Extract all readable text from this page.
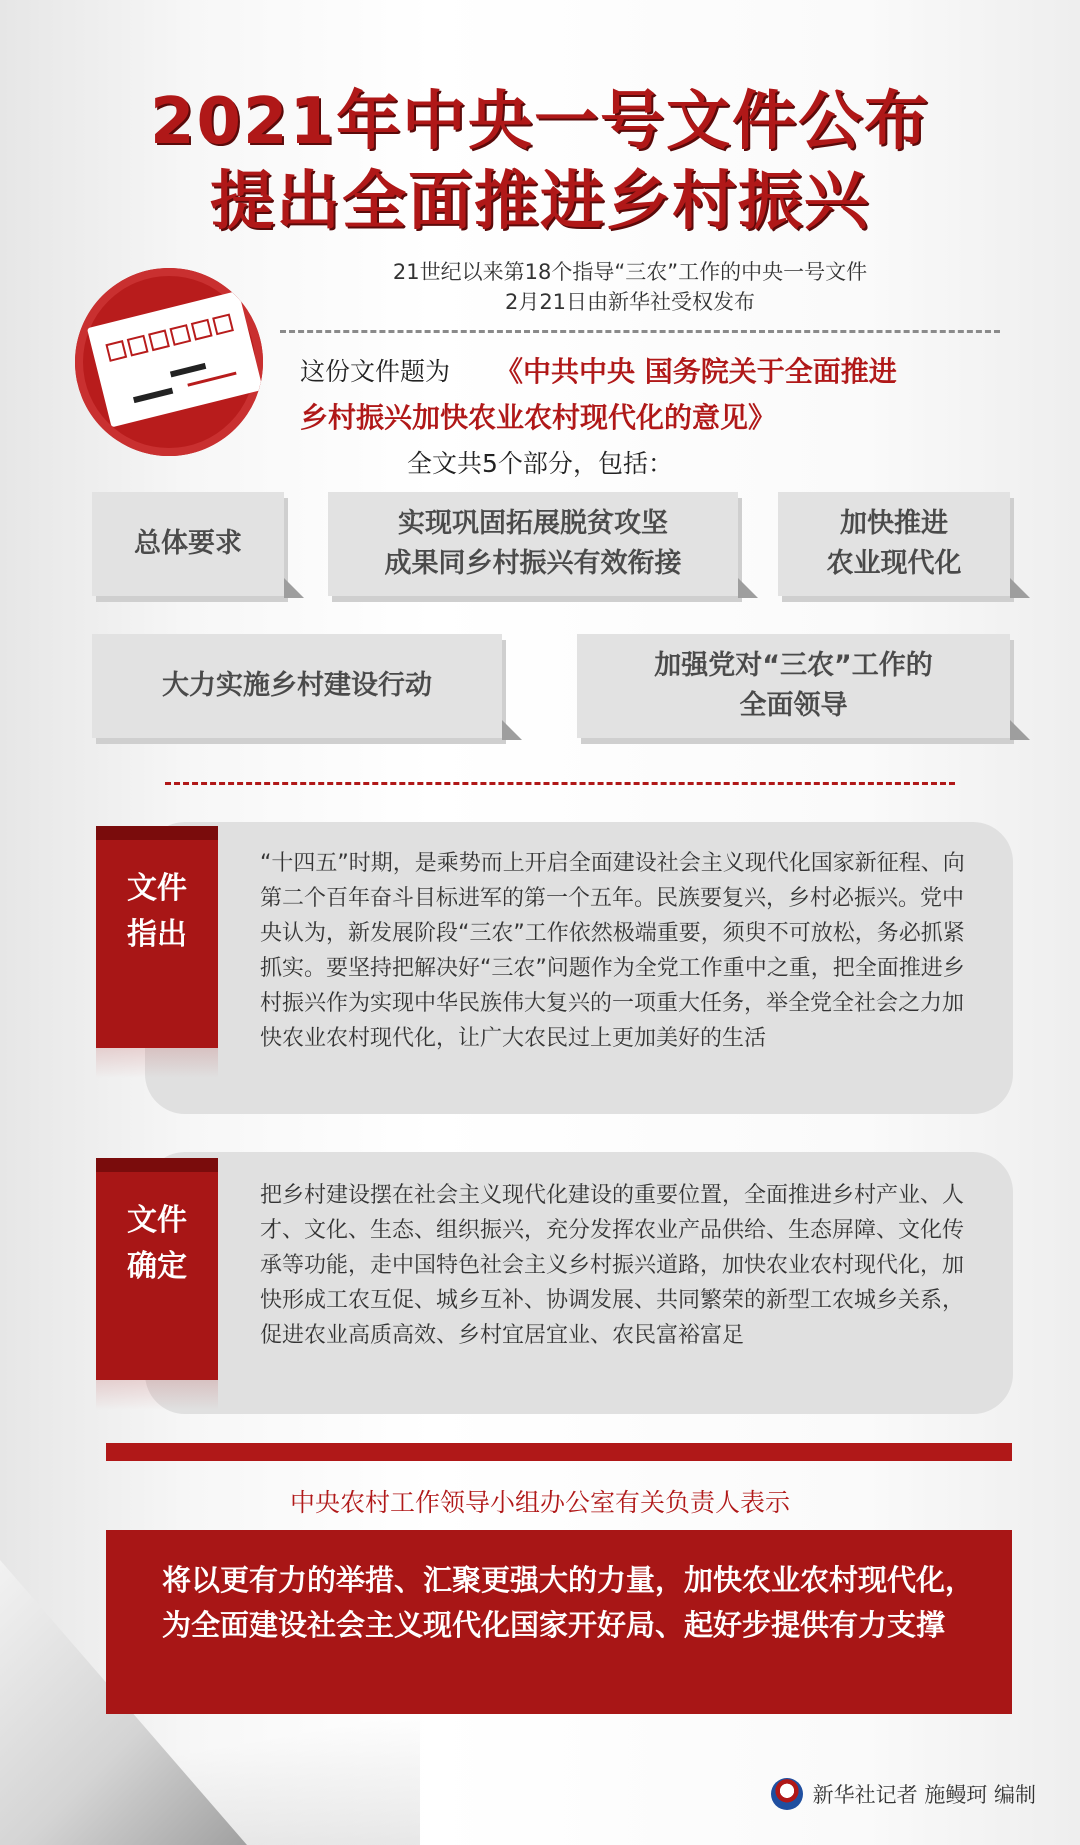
2021年中央一号文件公布
提出全面推进乡村振兴
21世纪以来第18个指导“三农”工作的中央一号文件
2月21日由新华社受权发布
这份文件题为 《中共中央 国务院关于全面推进
乡村振兴加快农业农村现代化的意见》
全文共5个部分，包括：
总体要求
实现巩固拓展脱贫攻坚
成果同乡村振兴有效衔接
加快推进
农业现代化
大力实施乡村建设行动
加强党对“三农”工作的
全面领导
“十四五”时期，是乘势而上开启全面建设社会主义现代化国家新征程、向第二个百年奋斗目标进军的第一个五年。民族要复兴，乡村必振兴。党中央认为，新发展阶段“三农”工作依然极端重要，须臾不可放松，务必抓紧抓实。要坚持把解决好“三农”问题作为全党工作重中之重，把全面推进乡村振兴作为实现中华民族伟大复兴的一项重大任务，举全党全社会之力加快农业农村现代化，让广大农民过上更加美好的生活
文件
指出
把乡村建设摆在社会主义现代化建设的重要位置，全面推进乡村产业、人才、文化、生态、组织振兴，充分发挥农业产品供给、生态屏障、文化传承等功能，走中国特色社会主义乡村振兴道路，加快农业农村现代化，加快形成工农互促、城乡互补、协调发展、共同繁荣的新型工农城乡关系，促进农业高质高效、乡村宜居宜业、农民富裕富足
文件
确定
中央农村工作领导小组办公室有关负责人表示
将以更有力的举措、汇聚更强大的力量，加快农业农村现代化，为全面建设社会主义现代化国家开好局、起好步提供有力支撑
新华社记者 施鳗珂 编制
